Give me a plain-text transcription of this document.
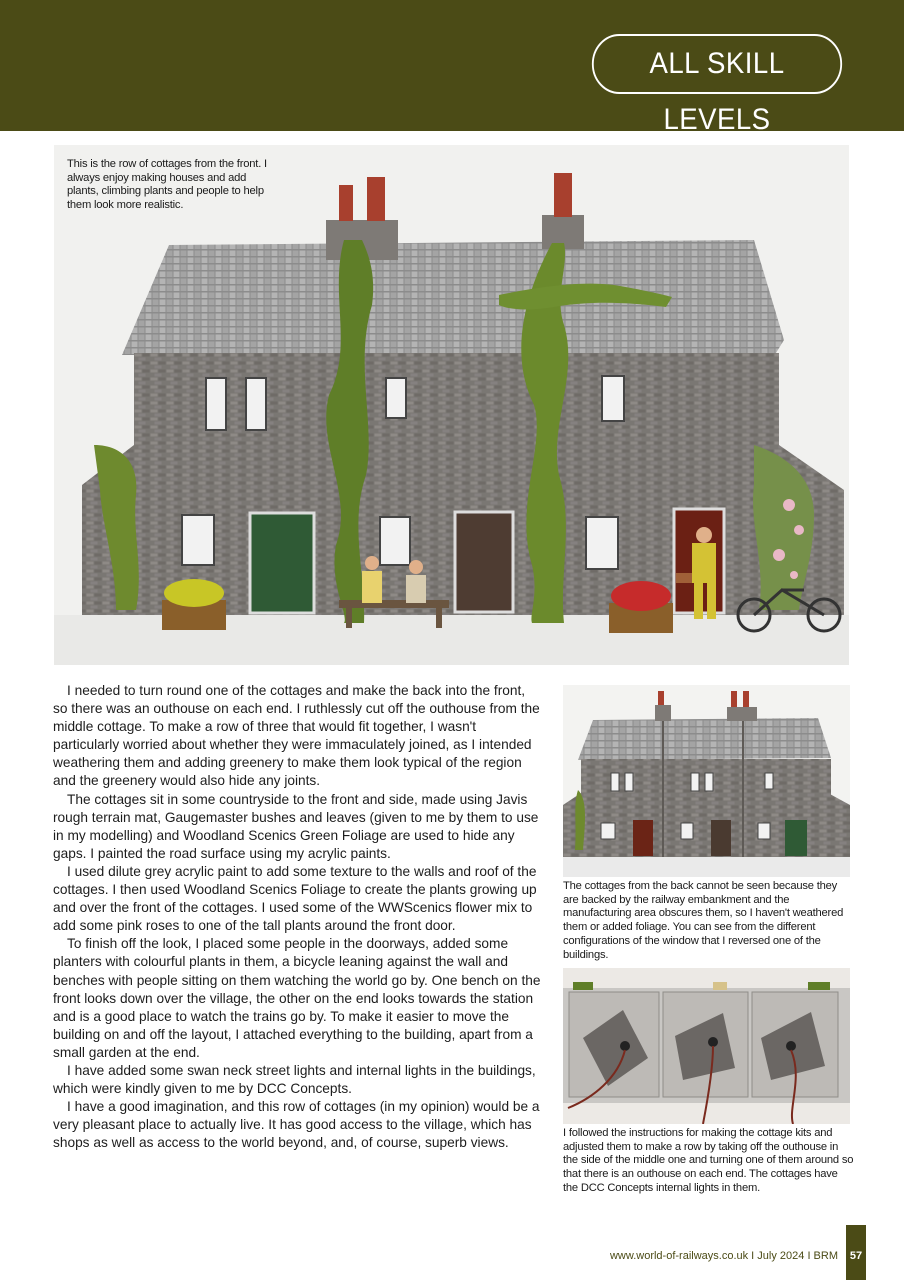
ALL SKILL LEVELS
This is the row of cottages from the front. I always enjoy making houses and add plants, climbing plants and people to help them look more realistic.

I needed to turn round one of the cottages and make the back into the front, so there was an outhouse on each end. I ruthlessly cut off the outhouse from the middle cottage. To make a row of three that would fit together, I wasn't particularly worried about whether they were immaculately joined, as I intended weathering them and adding greenery to make them look typical of the region and the greenery would also hide any joints.

The cottages sit in some countryside to the front and side, made using Javis rough terrain mat, Gaugemaster bushes and leaves (given to me by them to use in my modelling) and Woodland Scenics Green Foliage are used to hide any gaps. I painted the road surface using my acrylic paints.

I used dilute grey acrylic paint to add some texture to the walls and roof of the cottages. I then used Woodland Scenics Foliage to create the plants growing up and over the front of the cottages. I used some of the WWScenics flower mix to add some pink roses to one of the tall plants around the front door.

To finish off the look, I placed some people in the doorways, added some planters with colourful plants in them, a bicycle leaning against the wall and benches with people sitting on them watching the world go by. One bench on the front looks down over the village, the other on the end looks towards the station and is a good place to watch the trains go by. To make it easier to move the building on and off the layout, I attached everything to the building, apart from a small garden at the end.

I have added some swan neck street lights and internal lights in the buildings, which were kindly given to me by DCC Concepts.

I have a good imagination, and this row of cottages (in my opinion) would be a very pleasant place to actually live. It has good access to the village, which has shops as well as access to the world beyond, and, of course, superb views.

The cottages from the back cannot be seen because they are backed by the railway embankment and the manufacturing area obscures them, so I haven't weathered them or added foliage. You can see from the different configurations of the window that I reversed one of the buildings.
I followed the instructions for making the cottage kits and adjusted them to make a row by taking off the outhouse in the side of the middle one and turning one of them around so that there is an outhouse on each end. The cottages have the DCC Concepts internal lights in them.
www.world-of-railways.co.uk I July 2024 I BRM	57
